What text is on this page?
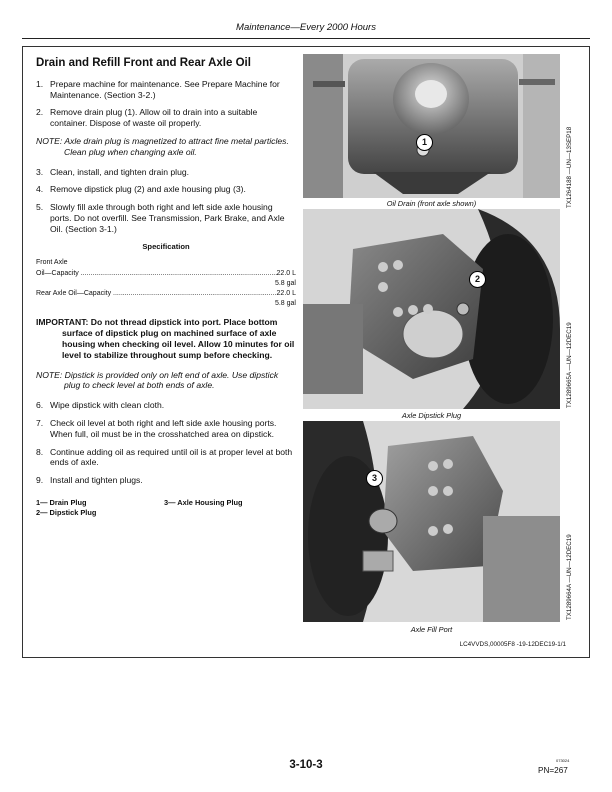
Maintenance—Every 2000 Hours
Drain and Refill Front and Rear Axle Oil
1. Prepare machine for maintenance. See Prepare Machine for Maintenance. (Section 3-2.)
2. Remove drain plug (1). Allow oil to drain into a suitable container. Dispose of waste oil properly.
NOTE: Axle drain plug is magnetized to attract fine metal particles. Clean plug when changing axle oil.
3. Clean, install, and tighten drain plug.
4. Remove dipstick plug (2) and axle housing plug (3).
5. Slowly fill axle through both right and left side axle housing ports. Do not overfill. See Transmission, Park Brake, and Axle Oil. (Section 3-1.)
Specification
Front Axle
Oil—Capacity .....	22.0 L
5.8 gal
Rear Axle Oil—Capacity .....	22.0 L
5.8 gal
IMPORTANT: Do not thread dipstick into port. Place bottom surface of dipstick plug on machined surface of axle housing when checking oil level. Allow 10 minutes for oil level to stabilize throughout sump before checking.
NOTE: Dipstick is provided only on left end of axle. Use dipstick plug to check level at both ends of axle.
6. Wipe dipstick with clean cloth.
7. Check oil level at both right and left side axle housing ports. When full, oil must be in the crosshatched area on dipstick.
8. Continue adding oil as required until oil is at proper level at both ends of axle.
9. Install and tighten plugs.
1— Drain Plug
2— Dipstick Plug
3— Axle Housing Plug
1
Oil Drain (front axle shown)	TX1264188 —UN—13SEP18
2
Axle Dipstick Plug
TX1289665A —UN—12DEC19
3
Axle Fill Port
TX1289664A —UN—12DEC19
LC4VVDS,00005F8 -19-12DEC19-1/1
3-10-3	073024
PN=267
